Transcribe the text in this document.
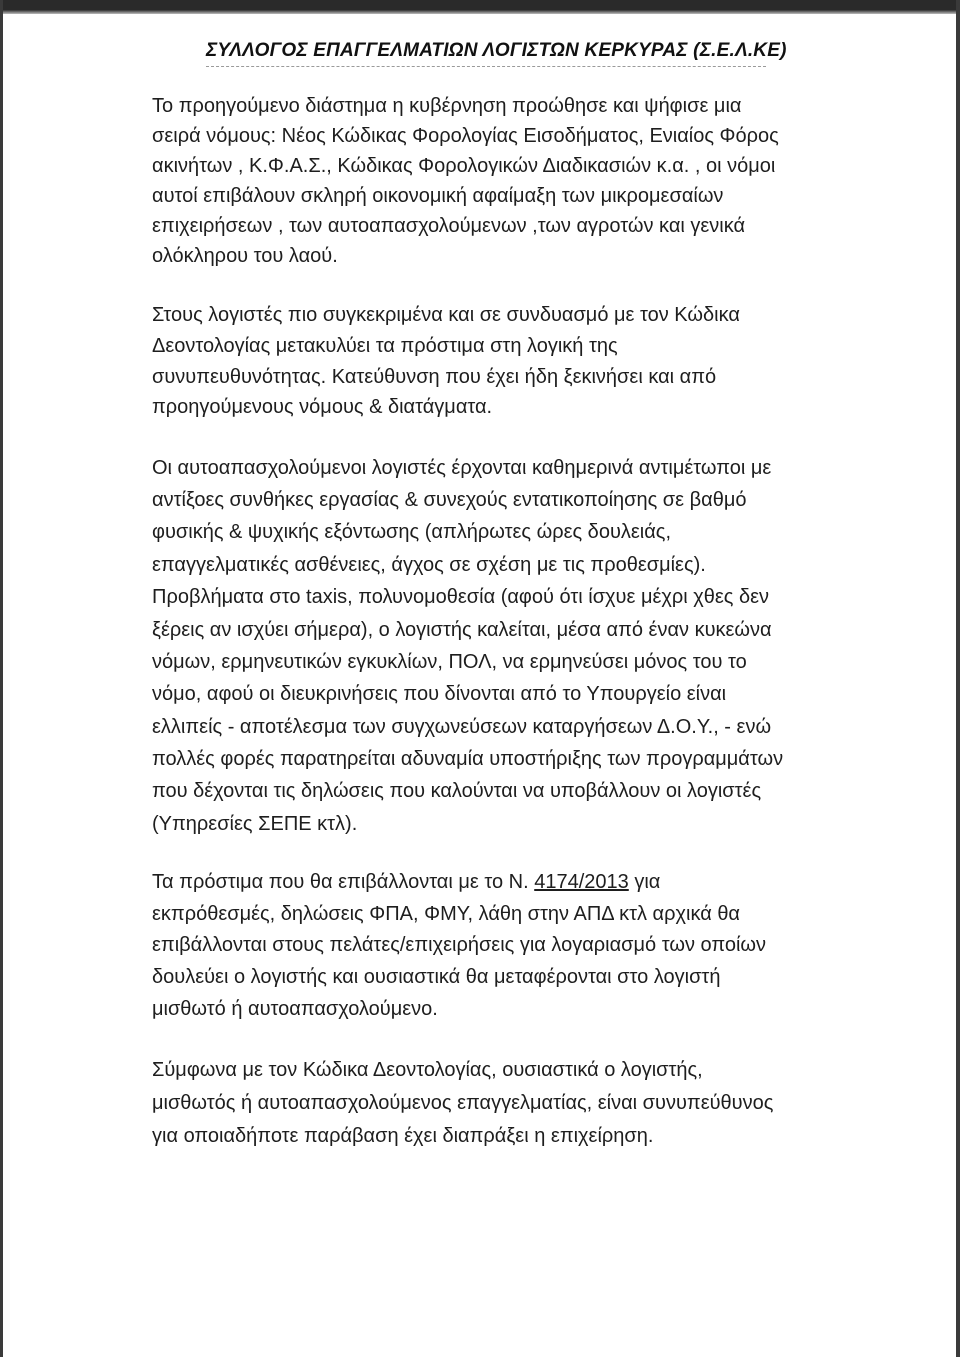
ΣΥΛΛΟΓΟΣ ΕΠΑΓΓΕΛΜΑΤΙΩΝ ΛΟΓΙΣΤΩΝ ΚΕΡΚΥΡΑΣ (Σ.Ε.Λ.ΚΕ)
Το προηγούμενο διάστημα η κυβέρνηση προώθησε και ψήφισε μια
σειρά νόμους: Νέος Κώδικας Φορολογίας Εισοδήματος, Ενιαίος Φόρος
ακινήτων , Κ.Φ.Α.Σ., Κώδικας Φορολογικών Διαδικασιών κ.α. , οι νόμοι
αυτοί επιβάλουν σκληρή οικονομική αφαίμαξη των μικρομεσαίων
επιχειρήσεων , των αυτοαπασχολούμενων ,των αγροτών και γενικά
ολόκληρου του λαού.
Στους λογιστές πιο συγκεκριμένα και σε συνδυασμό με τον Κώδικα
Δεοντολογίας μετακυλύει τα πρόστιμα στη λογική της
συνυπευθυνότητας. Κατεύθυνση που έχει ήδη ξεκινήσει και από
προηγούμενους νόμους & διατάγματα.
Οι αυτοαπασχολούμενοι λογιστές έρχονται καθημερινά αντιμέτωποι με
αντίξοες συνθήκες εργασίας & συνεχούς εντατικοποίησης σε βαθμό
φυσικής & ψυχικής εξόντωσης (απλήρωτες ώρες δουλειάς,
επαγγελματικές ασθένειες, άγχος σε σχέση με τις προθεσμίες).
Προβλήματα στο taxis, πολυνομοθεσία (αφού ότι ίσχυε μέχρι χθες δεν
ξέρεις αν ισχύει σήμερα), ο λογιστής καλείται, μέσα από έναν κυκεώνα
νόμων, ερμηνευτικών εγκυκλίων, ΠΟΛ, να ερμηνεύσει μόνος του το
νόμο, αφού οι διευκρινήσεις που δίνονται από το Υπουργείο είναι
ελλιπείς - αποτέλεσμα των συγχωνεύσεων καταργήσεων Δ.Ο.Υ., - ενώ
πολλές φορές παρατηρείται αδυναμία υποστήριξης των προγραμμάτων
που δέχονται τις δηλώσεις που καλούνται να υποβάλλουν οι λογιστές
(Υπηρεσίες ΣΕΠΕ κτλ).
Τα πρόστιμα που θα επιβάλλονται με το Ν. 4174/2013 για
εκπρόθεσμές, δηλώσεις ΦΠΑ, ΦΜΥ, λάθη στην ΑΠΔ κτλ αρχικά θα
επιβάλλονται στους πελάτες/επιχειρήσεις για λογαριασμό των οποίων
δουλεύει ο λογιστής και ουσιαστικά θα μεταφέρονται στο λογιστή
μισθωτό ή αυτοαπασχολούμενο.
Σύμφωνα με τον Κώδικα Δεοντολογίας, ουσιαστικά ο λογιστής,
μισθωτός ή αυτοαπασχολούμενος επαγγελματίας, είναι συνυπεύθυνος
για οποιαδήποτε παράβαση έχει διαπράξει η επιχείρηση.
